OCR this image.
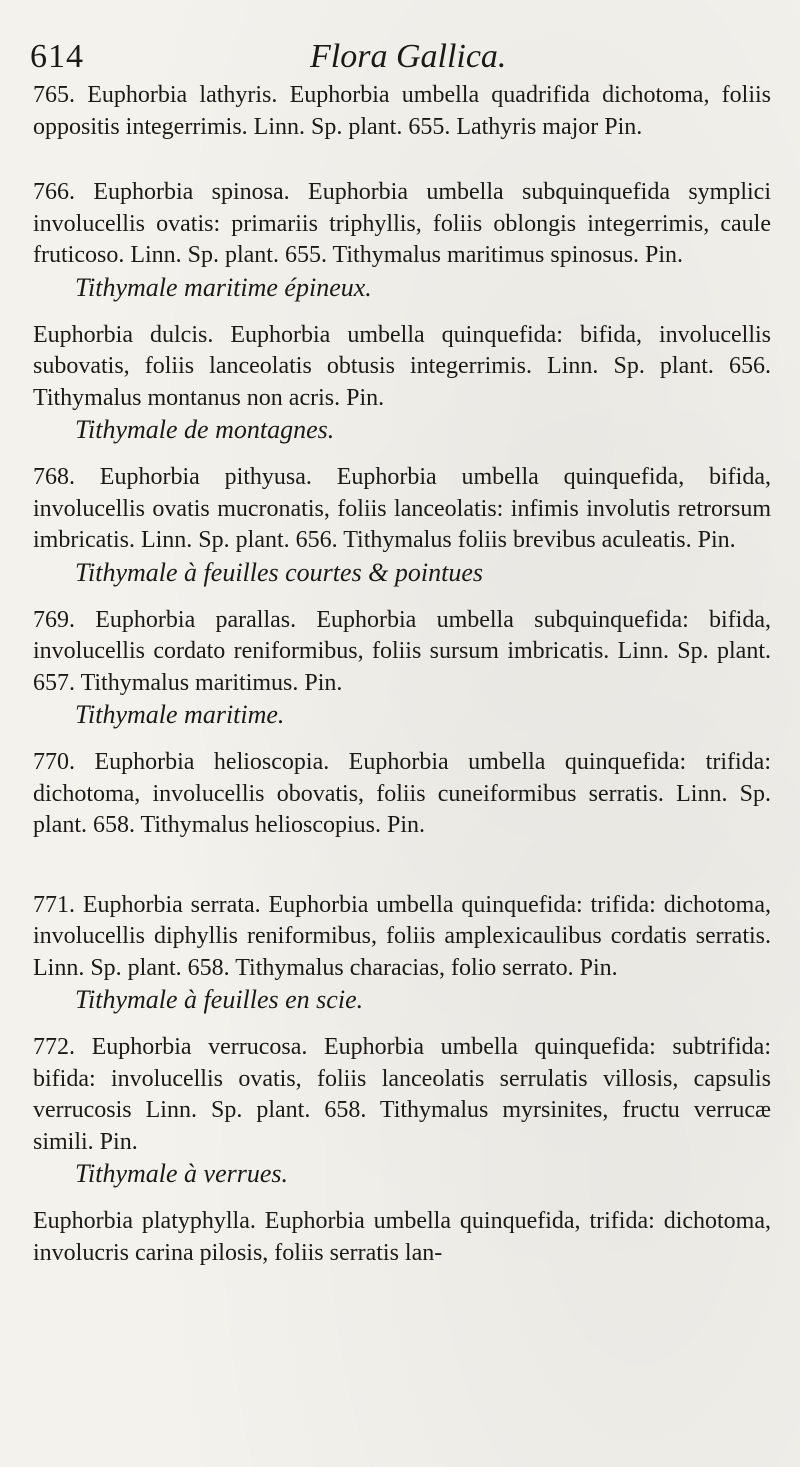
614	Flora Gallica.
765. Euphorbia lathyris. Euphorbia umbella quadrifida dichotoma, foliis oppositis integerrimis. Linn. Sp. plant. 655. Lathyris major Pin.
766. Euphorbia spinosa. Euphorbia umbella subquinquefida symplici involucellis ovatis: primariis triphyllis, foliis oblongis integerrimis, caule fruticoso. Linn. Sp. plant. 655. Tithymalus maritimus spinosus. Pin.
Tithymale maritime épineux.
Euphorbia dulcis. Euphorbia umbella quinquefida: bifida, involucellis subovatis, foliis lanceolatis obtusis integerrimis. Linn. Sp. plant. 656. Tithymalus montanus non acris. Pin.
Tithymale de montagnes.
768. Euphorbia pithyusa. Euphorbia umbella quinquefida, bifida, involucellis ovatis mucronatis, foliis lanceolatis: infimis involutis retrorsum imbricatis. Linn. Sp. plant. 656. Tithymalus foliis brevibus aculeatis. Pin.
Tithymale à feuilles courtes & pointues
769. Euphorbia parallas. Euphorbia umbella subquinquefida: bifida, involucellis cordato reniformibus, foliis sursum imbricatis. Linn. Sp. plant. 657. Tithymalus maritimus. Pin.
Tithymale maritime.
770. Euphorbia helioscopia. Euphorbia umbella quinquefida: trifida: dichotoma, involucellis obovatis, foliis cuneiformibus serratis. Linn. Sp. plant. 658. Tithymalus helioscopius. Pin.
771. Euphorbia serrata. Euphorbia umbella quinquefida: trifida: dichotoma, involucellis diphyllis reniformibus, foliis amplexicaulibus cordatis serratis. Linn. Sp. plant. 658. Tithymalus characias, folio serrato. Pin.
Tithymale à feuilles en scie.
772. Euphorbia verrucosa. Euphorbia umbella quinquefida: subtrifida: bifida: involucellis ovatis, foliis lanceolatis serrulatis villosis, capsulis verrucosis Linn. Sp. plant. 658. Tithymalus myrsinites, fructu verrucæ simili. Pin.
Tithymale à verrues.
Euphorbia platyphylla. Euphorbia umbella quinquefida, trifida: dichotoma, involucris carina pilosis, foliis serratis lan-
